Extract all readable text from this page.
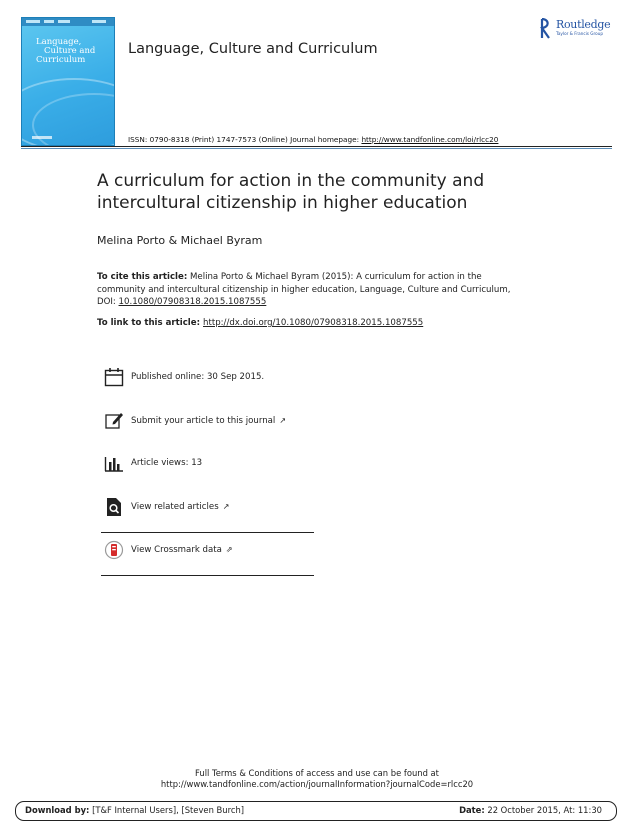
Language,
Culture and
Curriculum
Language, Culture and Curriculum
Routledge
Taylor & Francis Group
ISSN: 0790-8318 (Print) 1747-7573 (Online) Journal homepage: http://www.tandfonline.com/loi/rlcc20
A curriculum for action in the community and intercultural citizenship in higher education
Melina Porto & Michael Byram
To cite this article: Melina Porto & Michael Byram (2015): A curriculum for action in the community and intercultural citizenship in higher education, Language, Culture and Curriculum, DOI: 10.1080/07908318.2015.1087555
To link to this article: http://dx.doi.org/10.1080/07908318.2015.1087555
Published online: 30 Sep 2015.
Submit your article to this journal ↗
Article views: 13
View related articles ↗
View Crossmark data ⇗
Full Terms & Conditions of access and use can be found at
http://www.tandfonline.com/action/journalInformation?journalCode=rlcc20
Download by: [T&F Internal Users], [Steven Burch]	Date: 22 October 2015, At: 11:30
